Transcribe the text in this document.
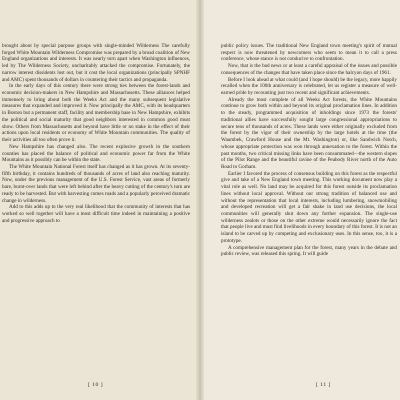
brought about by special purpose groups with single-minded Wilderness The carefully forged White Mountain Wilderness Compromise was prepared by a broad coalition of New England organizations and interests. It was nearly torn apart when Washington influences, led by The Wilderness Society, uncharitably attacked the compromise. Fortunately, the narrow interest dissidents lost out, but it cost the local organizations (principally SPNHF and AMC) spent thousands of dollars in countering their tactics and propaganda.

In the early days of this century there were strong ties between the forest-lands and economic decision-makers in New Hampshire and Massachusetts. These alliances helped immensely to bring about both the Weeks Act and the many subsequent legislative measures that expanded and improved it. Now principally the AMC, with its headquarters in Boston but a permanent staff, facility and membership base in New Hampshire, exhibits the political and social maturity that good neighbors interested in common good must show. Others from Massachusetts and beyond have little or no stake in the effect of their actions upon local residents or economy of White Mountain communities. The quality of their activities all too often prove it.

New Hampshire has changed also. The recent explosive growth in the southern counties has placed the balance of political and economic power far from the White Mountains as it possibly can be within the state.

The White Mountain National Forest itself has changed as it has grown. At its seventy-fifth birthday, it contains hundreds of thousands of acres of land also reaching maturity. Now, under the previous management of the U.S. Forest Service, vast areas of formerly bare, burnt-over lands that were left behind after the heavy cutting of the century's turn are ready to be harvested. But with harvesting comes roads and a popularly perceived dramatic change in wilderness.

Add to this adds up to the very real likelihood that the community of interests that has worked so well together will have a most difficult time indeed in maintaining a positive and progressive approach to

[ 10 ]

public policy issues. The traditional New England town meeting's spirit of mutual respect is now threatened by newcomers who seem to mean it to call a press conference, whose stance is not conducive to confrontation.

Now, that is the bad news or at least a careful appraisal of the issues and possible consequences of the changes that have taken place since the halcyon days of 1961.

Before I look ahead at what could (and I hope should) be the legacy, more happily recalled when the 100th anniversary is celebrated, let us register a measure of well-earned pride by recounting just two recent and significant achievements.

Already the most complete of all Weeks Act forests, the White Mountains continue to grow both within and beyond its original proclamation lines. In addition to the steady, programmed acquisition of inholdings since 1973 the forests' traditional allies have successfully sought large congressional appropriations to secure tens of thousands of acres. These lands were either originally excluded from the forest by the vigor of their ownership by the large hotels at the time (the Waumbek, Crawford House and the Mt. Washington) or, like Sandwich Notch, whose appropriate protection was won through annexation to the forest. Within the past months, two critical missing links have been consummated—the western slopes of the Pilot Range and the beautiful ravine of the Peabody River north of the Auto Road to Gorham.

Earlier I favored the process of consensus building on this forest as the respectful give and take of a New England town meeting. This working document now play a vital role as well. No land may be acquired for this forest outside its proclamation lines without local approval. Without our strong tradition of balanced use and without the representation that local interests, including lumbering, snowmobiling and developed recreation will get a fair shake in land use decisions, the local communities will generally shut down any further expansion. The single-use wilderness zealots or those on the other extreme would necessarily ignore the fact that people live and must find livelihoods in every boundary of this forest. It is not an island to be carved up by competing and exclusionary uses. In this sense, too, it is a prototype.

A comprehensive management plan for the forest, many years in the debate and public review, was released this spring. It will guide

[ 11 ]
